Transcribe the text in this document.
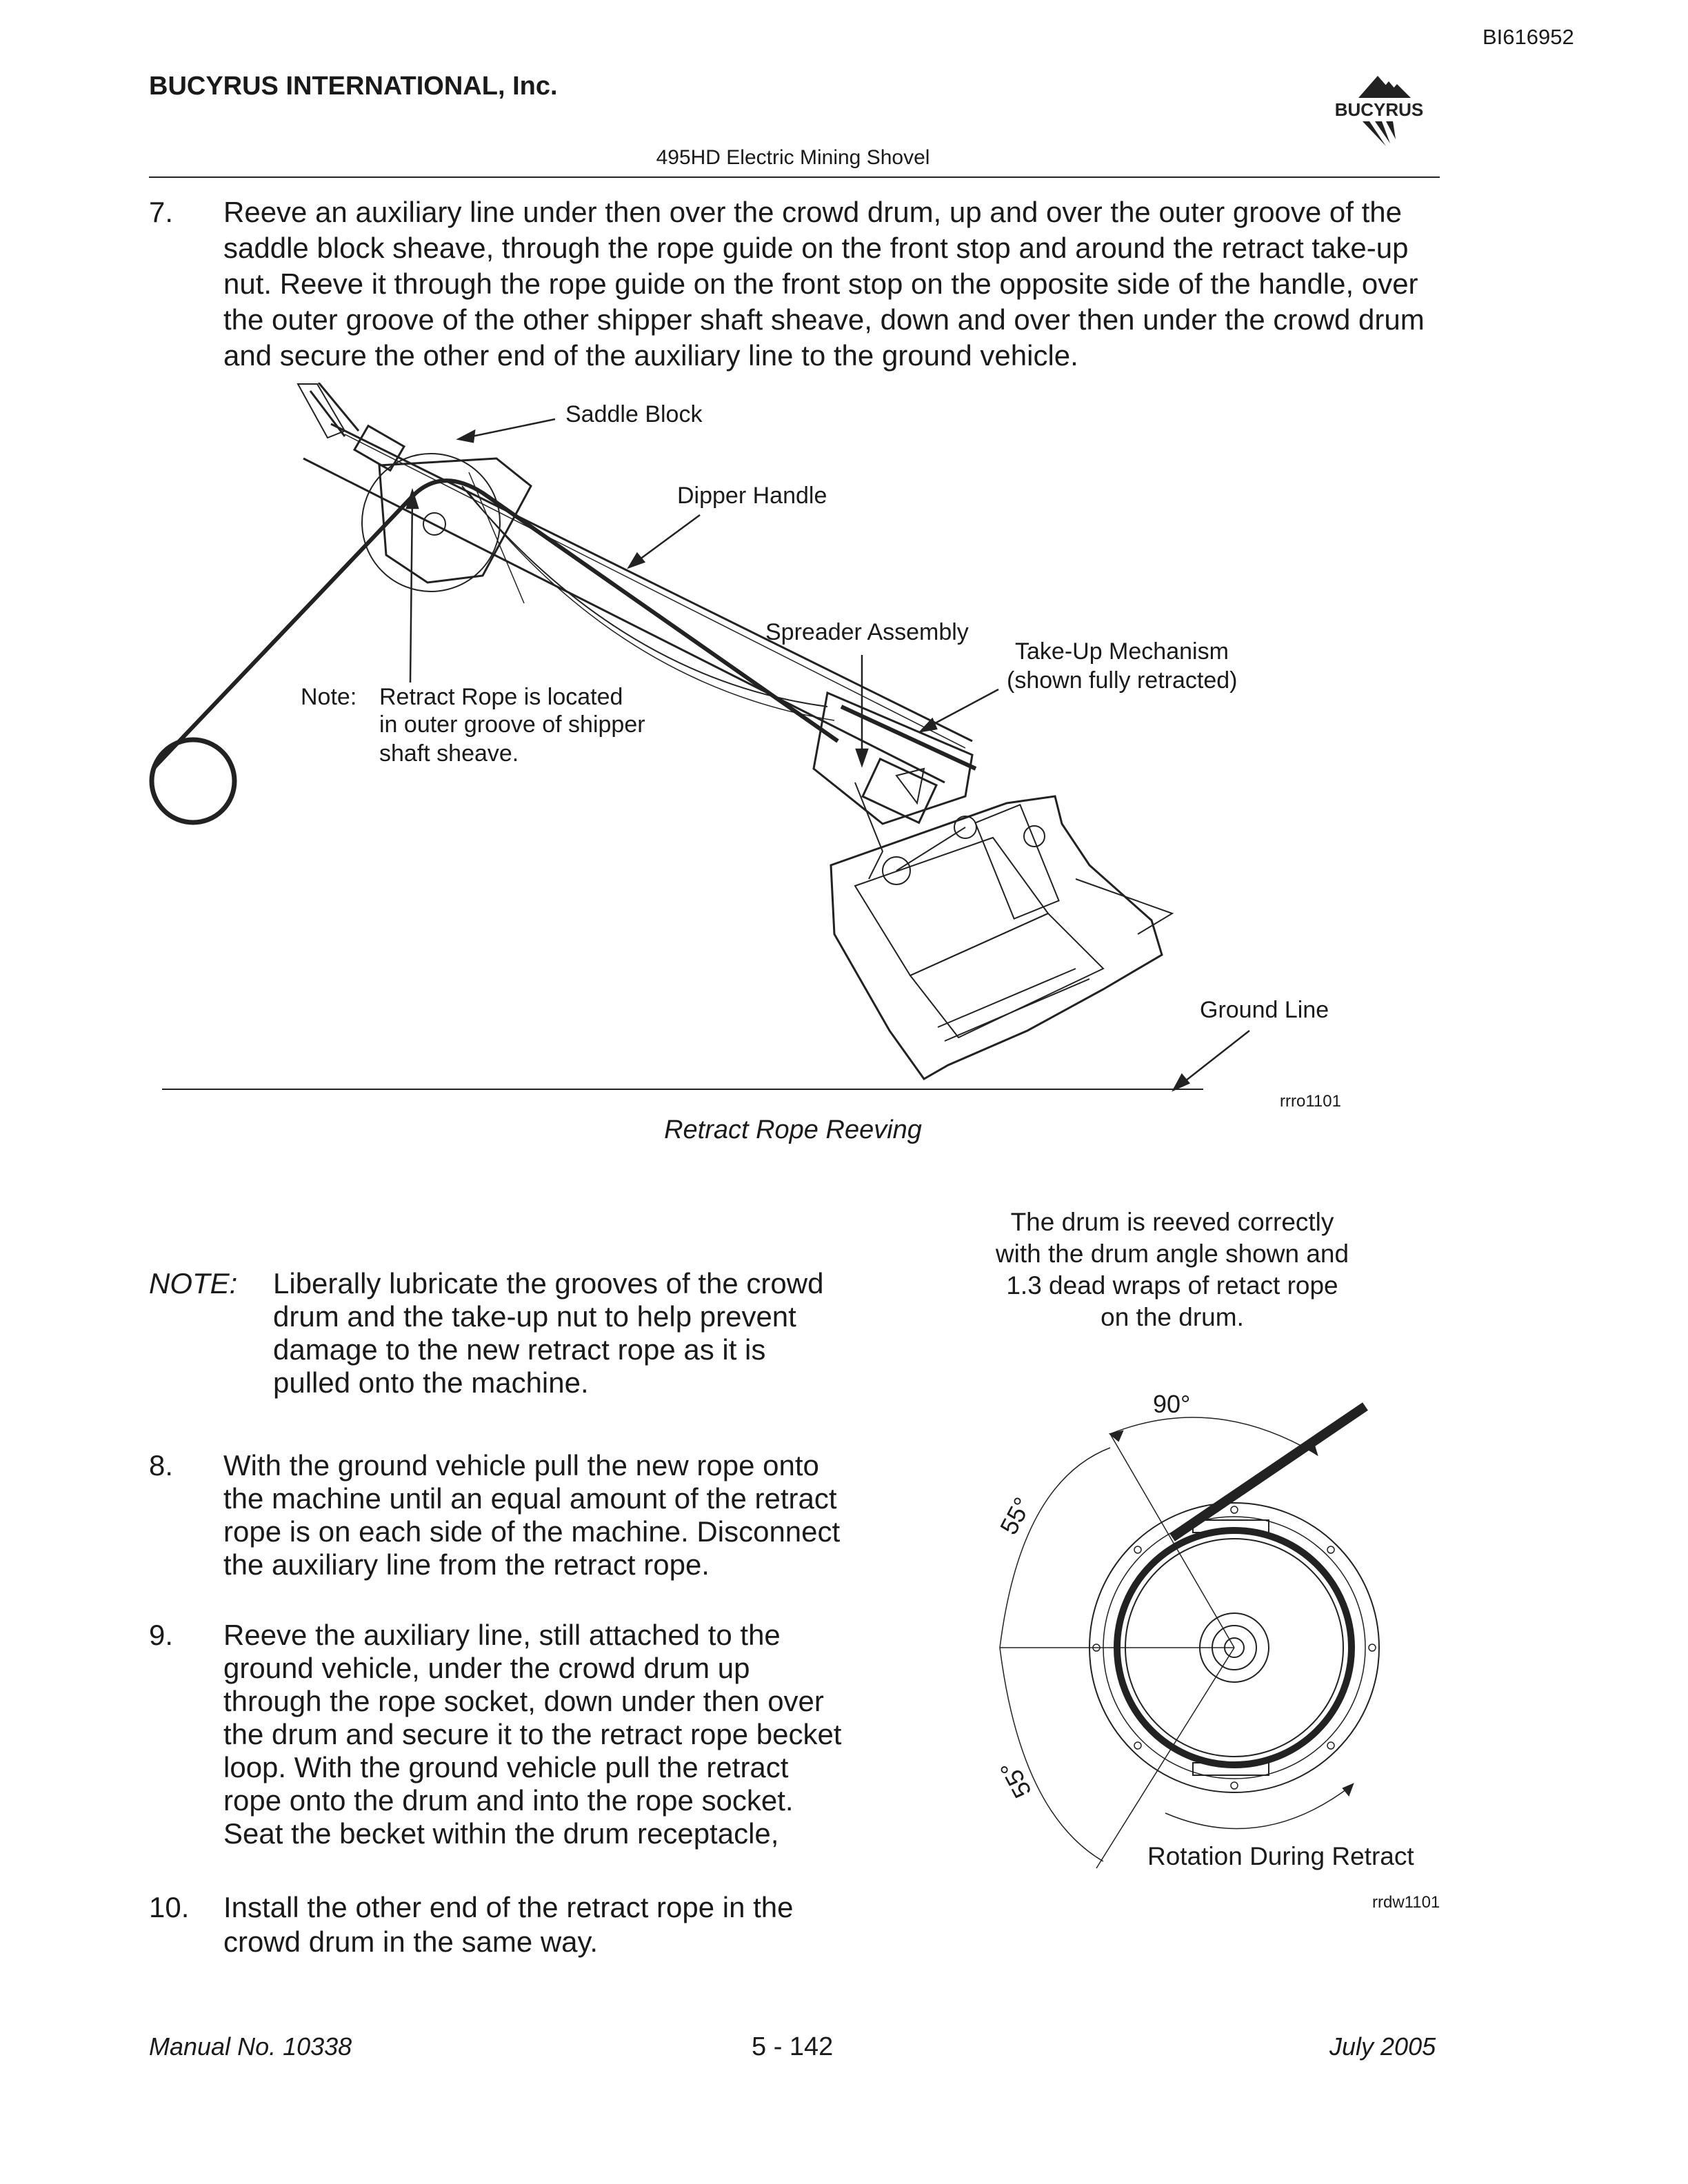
BI616952
BUCYRUS INTERNATIONAL, Inc.
BUCYRUS
495HD Electric Mining Shovel
7. Reeve an auxiliary line under then over the crowd drum, up and over the outer groove of the
saddle block sheave, through the rope guide on the front stop and around the retract take-up
nut. Reeve it through the rope guide on the front stop on the opposite side of the handle, over
the outer groove of the other shipper shaft sheave, down and over then under the crowd drum
and secure the other end of the auxiliary line to the ground vehicle.
Saddle Block
Dipper Handle
Spreader Assembly
Take-Up Mechanism
(shown fully retracted)
Note: Retract Rope is located
in outer groove of shipper
shaft sheave.
Ground Line
rrro1101
Retract Rope Reeving
NOTE: Liberally lubricate the grooves of the crowd
drum and the take-up nut to help prevent
damage to the new retract rope as it is
pulled onto the machine.
8. With the ground vehicle pull the new rope onto
the machine until an equal amount of the retract
rope is on each side of the machine. Disconnect
the auxiliary line from the retract rope.
9. Reeve the auxiliary line, still attached to the
ground vehicle, under the crowd drum up
through the rope socket, down under then over
the drum and secure it to the retract rope becket
loop. With the ground vehicle pull the retract
rope onto the drum and into the rope socket.
Seat the becket within the drum receptacle,
10. Install the other end of the retract rope in the
crowd drum in the same way.
The drum is reeved correctly
with the drum angle shown and
1.3 dead wraps of retact rope
on the drum.
90°
55°
55°
Rotation During Retract
rrdw1101
Manual No. 10338	5 - 142	July 2005
